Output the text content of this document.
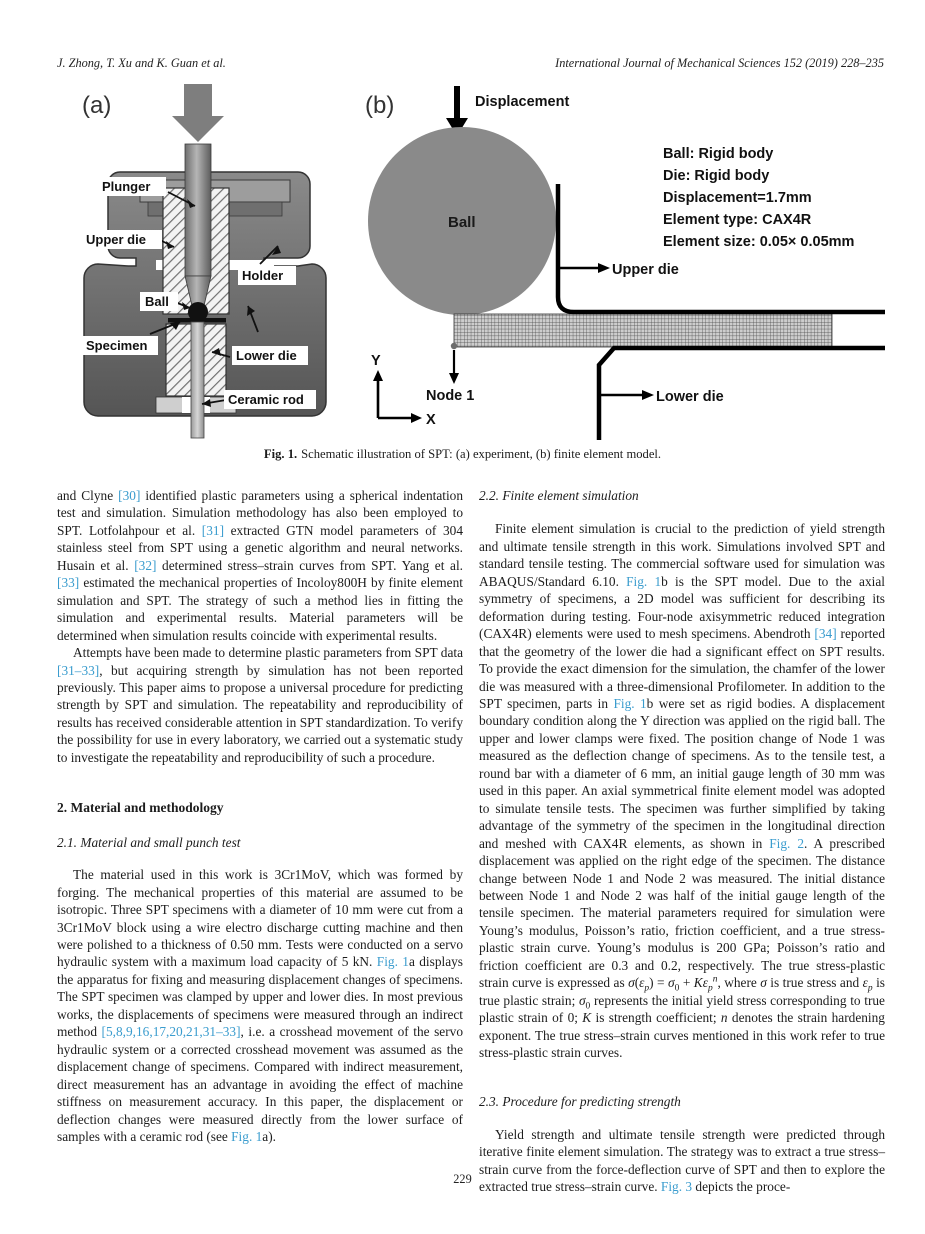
J. Zhong, T. Xu and K. Guan et al.	International Journal of Mechanical Sciences 152 (2019) 228–235
(a)	(b)
Plunger
Upper die
Ball
Holder
Specimen
Lower die
Ceramic rod
Displacement
Ball
Ball: Rigid body
Die: Rigid body
Displacement=1.7mm
Element type: CAX4R
Element size: 0.05× 0.05mm
Upper die
Lower die
Node 1
Y
X
Fig. 1. Schematic illustration of SPT: (a) experiment, (b) finite element model.

and Clyne [30] identified plastic parameters using a spherical indentation test and simulation. Simulation methodology has also been employed to SPT. Lotfolahpour et al. [31] extracted GTN model parameters of 304 stainless steel from SPT using a genetic algorithm and neural networks. Husain et al. [32] determined stress–strain curves from SPT. Yang et al. [33] estimated the mechanical properties of Incoloy800H by finite element simulation and SPT. The strategy of such a method lies in fitting the simulation and experimental results. Material parameters will be determined when simulation results coincide with experimental results.

Attempts have been made to determine plastic parameters from SPT data [31–33], but acquiring strength by simulation has not been reported previously. This paper aims to propose a universal procedure for predicting strength by SPT and simulation. The repeatability and reproducibility of results has received considerable attention in SPT standardization. To verify the possibility for use in every laboratory, we carried out a systematic study to investigate the repeatability and reproducibility of such a procedure.

2. Material and methodology

2.1. Material and small punch test

The material used in this work is 3Cr1MoV, which was formed by forging. The mechanical properties of this material are assumed to be isotropic. Three SPT specimens with a diameter of 10 mm were cut from a 3Cr1MoV block using a wire electro discharge cutting machine and then were polished to a thickness of 0.50 mm. Tests were conducted on a servo hydraulic system with a maximum load capacity of 5 kN. Fig. 1a displays the apparatus for fixing and measuring displacement changes of specimens. The SPT specimen was clamped by upper and lower dies. In most previous works, the displacements of specimens were measured through an indirect method [5,8,9,16,17,20,21,31–33], i.e. a crosshead movement of the servo hydraulic system or a corrected crosshead movement was assumed as the displacement change of specimens. Compared with indirect measurement, direct measurement has an advantage in avoiding the effect of machine stiffness on measurement accuracy. In this paper, the displacement or deflection changes were measured directly from the lower surface of samples with a ceramic rod (see Fig. 1a).

2.2. Finite element simulation

Finite element simulation is crucial to the prediction of yield strength and ultimate tensile strength in this work. Simulations involved SPT and standard tensile testing. The commercial software used for simulation was ABAQUS/Standard 6.10. Fig. 1b is the SPT model. Due to the axial symmetry of specimens, a 2D model was sufficient for describing its deformation during testing. Four-node axisymmetric reduced integration (CAX4R) elements were used to mesh specimens. Abendroth [34] reported that the geometry of the lower die had a significant effect on SPT results. To provide the exact dimension for the simulation, the chamfer of the lower die was measured with a three-dimensional Profilometer. In addition to the SPT specimen, parts in Fig. 1b were set as rigid bodies. A displacement boundary condition along the Y direction was applied on the rigid ball. The upper and lower clamps were fixed. The position change of Node 1 was measured as the deflection change of specimens. As to the tensile test, a round bar with a diameter of 6 mm, an initial gauge length of 30 mm was used in this paper. An axial symmetrical finite element model was adopted to simulate tensile tests. The specimen was further simplified by taking advantage of the symmetry of the specimen in the longitudinal direction and meshed with CAX4R elements, as shown in Fig. 2. A prescribed displacement was applied on the right edge of the specimen. The distance change between Node 1 and Node 2 was measured. The initial distance between Node 1 and Node 2 was half of the initial gauge length of the tensile specimen. The material parameters required for simulation were Young’s modulus, Poisson’s ratio, friction coefficient, and a true stress-plastic strain curve. Young’s modulus is 200 GPa; Poisson’s ratio and friction coefficient are 0.3 and 0.2, respectively. The true stress-plastic strain curve is expressed as $\sigma(\varepsilon_p) = \sigma_0 + K\varepsilon_p^n$, where σ is true stress and $\varepsilon_p$ is true plastic strain; $\sigma_0$ represents the initial yield stress corresponding to true plastic strain of 0; K is strength coefficient; n denotes the strain hardening exponent. The true stress–strain curves mentioned in this work refer to true stress-plastic strain curves.

2.3. Procedure for predicting strength

Yield strength and ultimate tensile strength were predicted through iterative finite element simulation. The strategy was to extract a true stress–strain curve from the force-deflection curve of SPT and then to explore the extracted true stress–strain curve. Fig. 3 depicts the proce-

229
